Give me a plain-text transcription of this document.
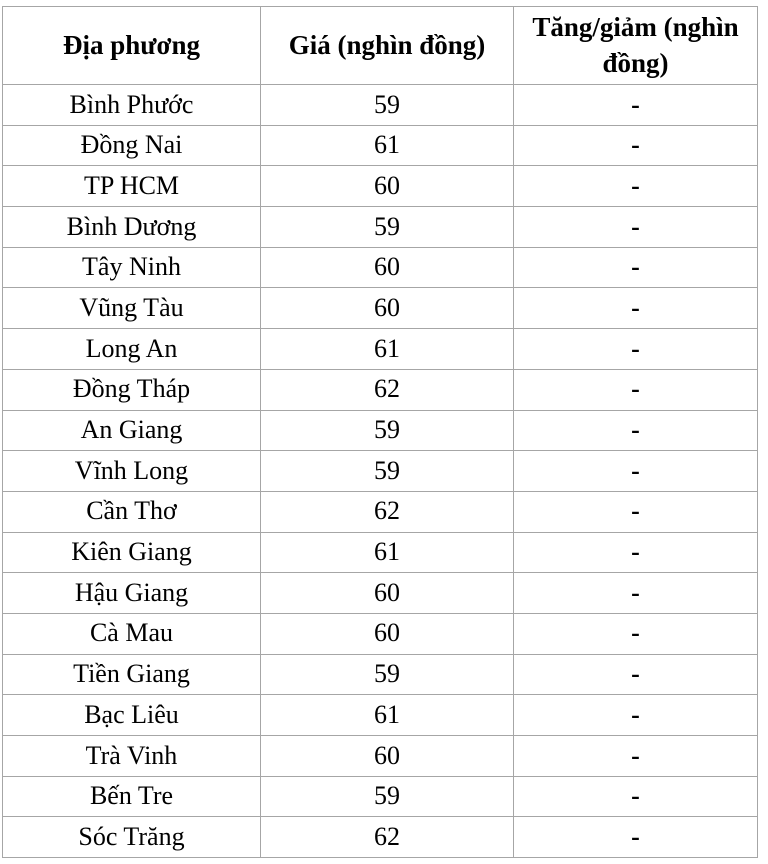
Địa phương	Giá (nghìn đồng)	Tăng/giảm (nghìn đồng)
Bình Phước	59	-
Đồng Nai	61	-
TP HCM	60	-
Bình Dương	59	-
Tây Ninh	60	-
Vũng Tàu	60	-
Long An	61	-
Đồng Tháp	62	-
An Giang	59	-
Vĩnh Long	59	-
Cần Thơ	62	-
Kiên Giang	61	-
Hậu Giang	60	-
Cà Mau	60	-
Tiền Giang	59	-
Bạc Liêu	61	-
Trà Vinh	60	-
Bến Tre	59	-
Sóc Trăng	62	-
